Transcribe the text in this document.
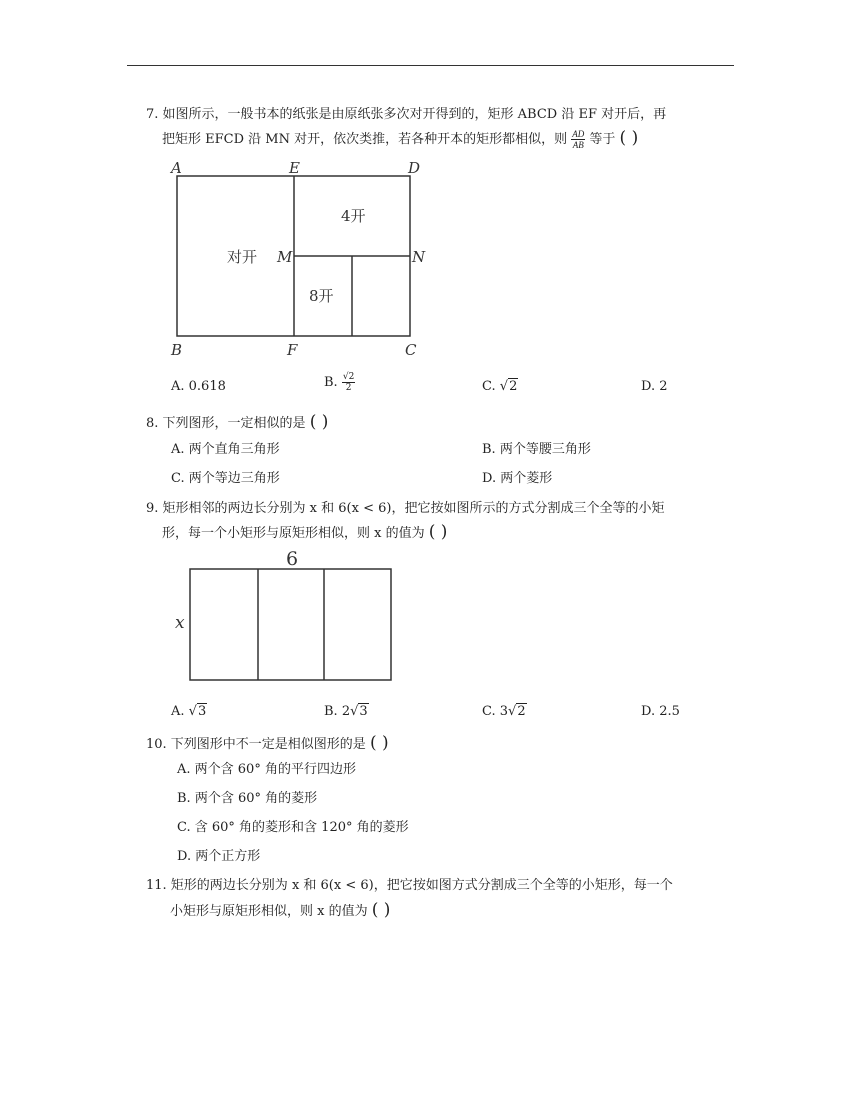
7. 如图所示，一般书本的纸张是由原纸张多次对开得到的，矩形 ABCD 沿 EF 对开后，再
把矩形 EFCD 沿 MN 对开，依次类推，若各种开本的矩形都相似，则 $\frac{AD}{AB}$ 等于 ( )
A	E	D
M	N
B	F	C
对开
4开
8开
A. 0.618	B. $\frac{√2}{2}$	C. √2	D. 2
8. 下列图形，一定相似的是 ( )
A. 两个直角三角形	B. 两个等腰三角形
C. 两个等边三角形	D. 两个菱形
9. 矩形相邻的两边长分别为 x 和 6(x < 6)，把它按如图所示的方式分割成三个全等的小矩
形，每一个小矩形与原矩形相似，则 x 的值为 ( )
6
x
A. √3	B. 2√3	C. 3√2	D. 2.5
10. 下列图形中不一定是相似图形的是 ( )
A. 两个含 60° 角的平行四边形
B. 两个含 60° 角的菱形
C. 含 60° 角的菱形和含 120° 角的菱形
D. 两个正方形
11. 矩形的两边长分别为 x 和 6(x < 6)，把它按如图方式分割成三个全等的小矩形，每一个
小矩形与原矩形相似，则 x 的值为 ( )
